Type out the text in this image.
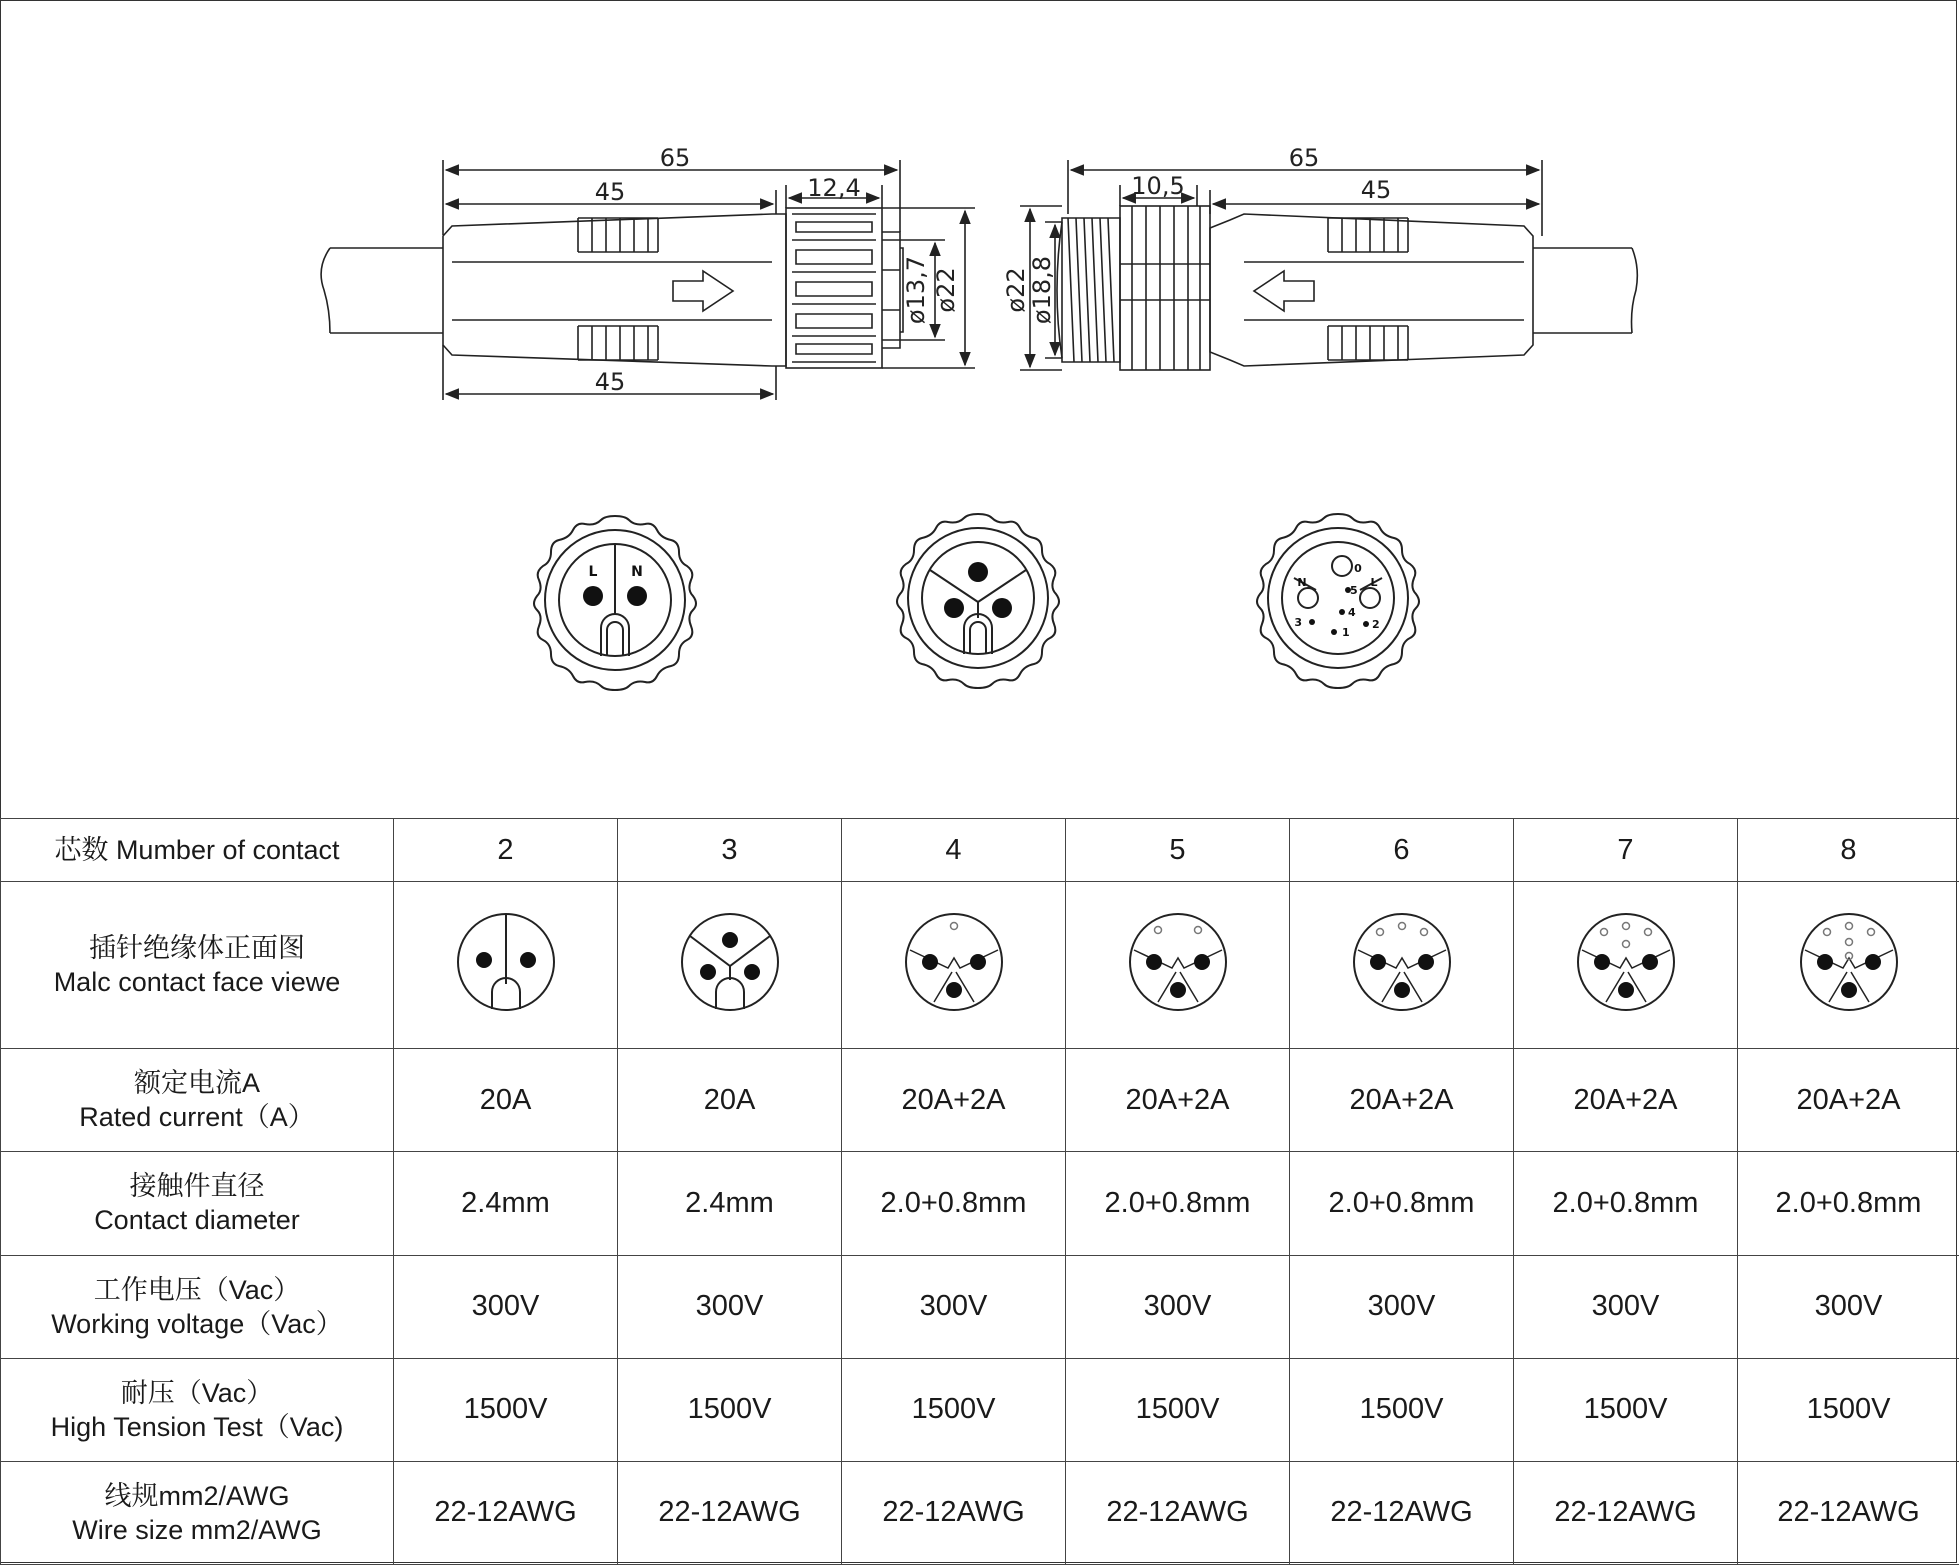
65
45	12,4
45
ø13,7 ø22
65
10,5	45
ø22
ø18,8
L N
N	L
0
5
4
2
3
1
芯数 Mumber of contact	2	3	4	5	6	7	8

插针绝缘体正面图
Malc contact face viewe

额定电流A
Rated current（A）	20A	20A	20A+2A	20A+2A	20A+2A	20A+2A	20A+2A

接触件直径
Contact diameter	2.4mm	2.4mm	2.0+0.8mm	2.0+0.8mm	2.0+0.8mm	2.0+0.8mm	2.0+0.8mm

工作电压（Vac）
Working voltage（Vac）	300V	300V	300V	300V	300V	300V	300V

耐压（Vac）
High Tension Test（Vac)	1500V	1500V	1500V	1500V	1500V	1500V	1500V

线规mm2/AWG
Wire size mm2/AWG	22-12AWG	22-12AWG	22-12AWG	22-12AWG	22-12AWG	22-12AWG	22-12AWG
